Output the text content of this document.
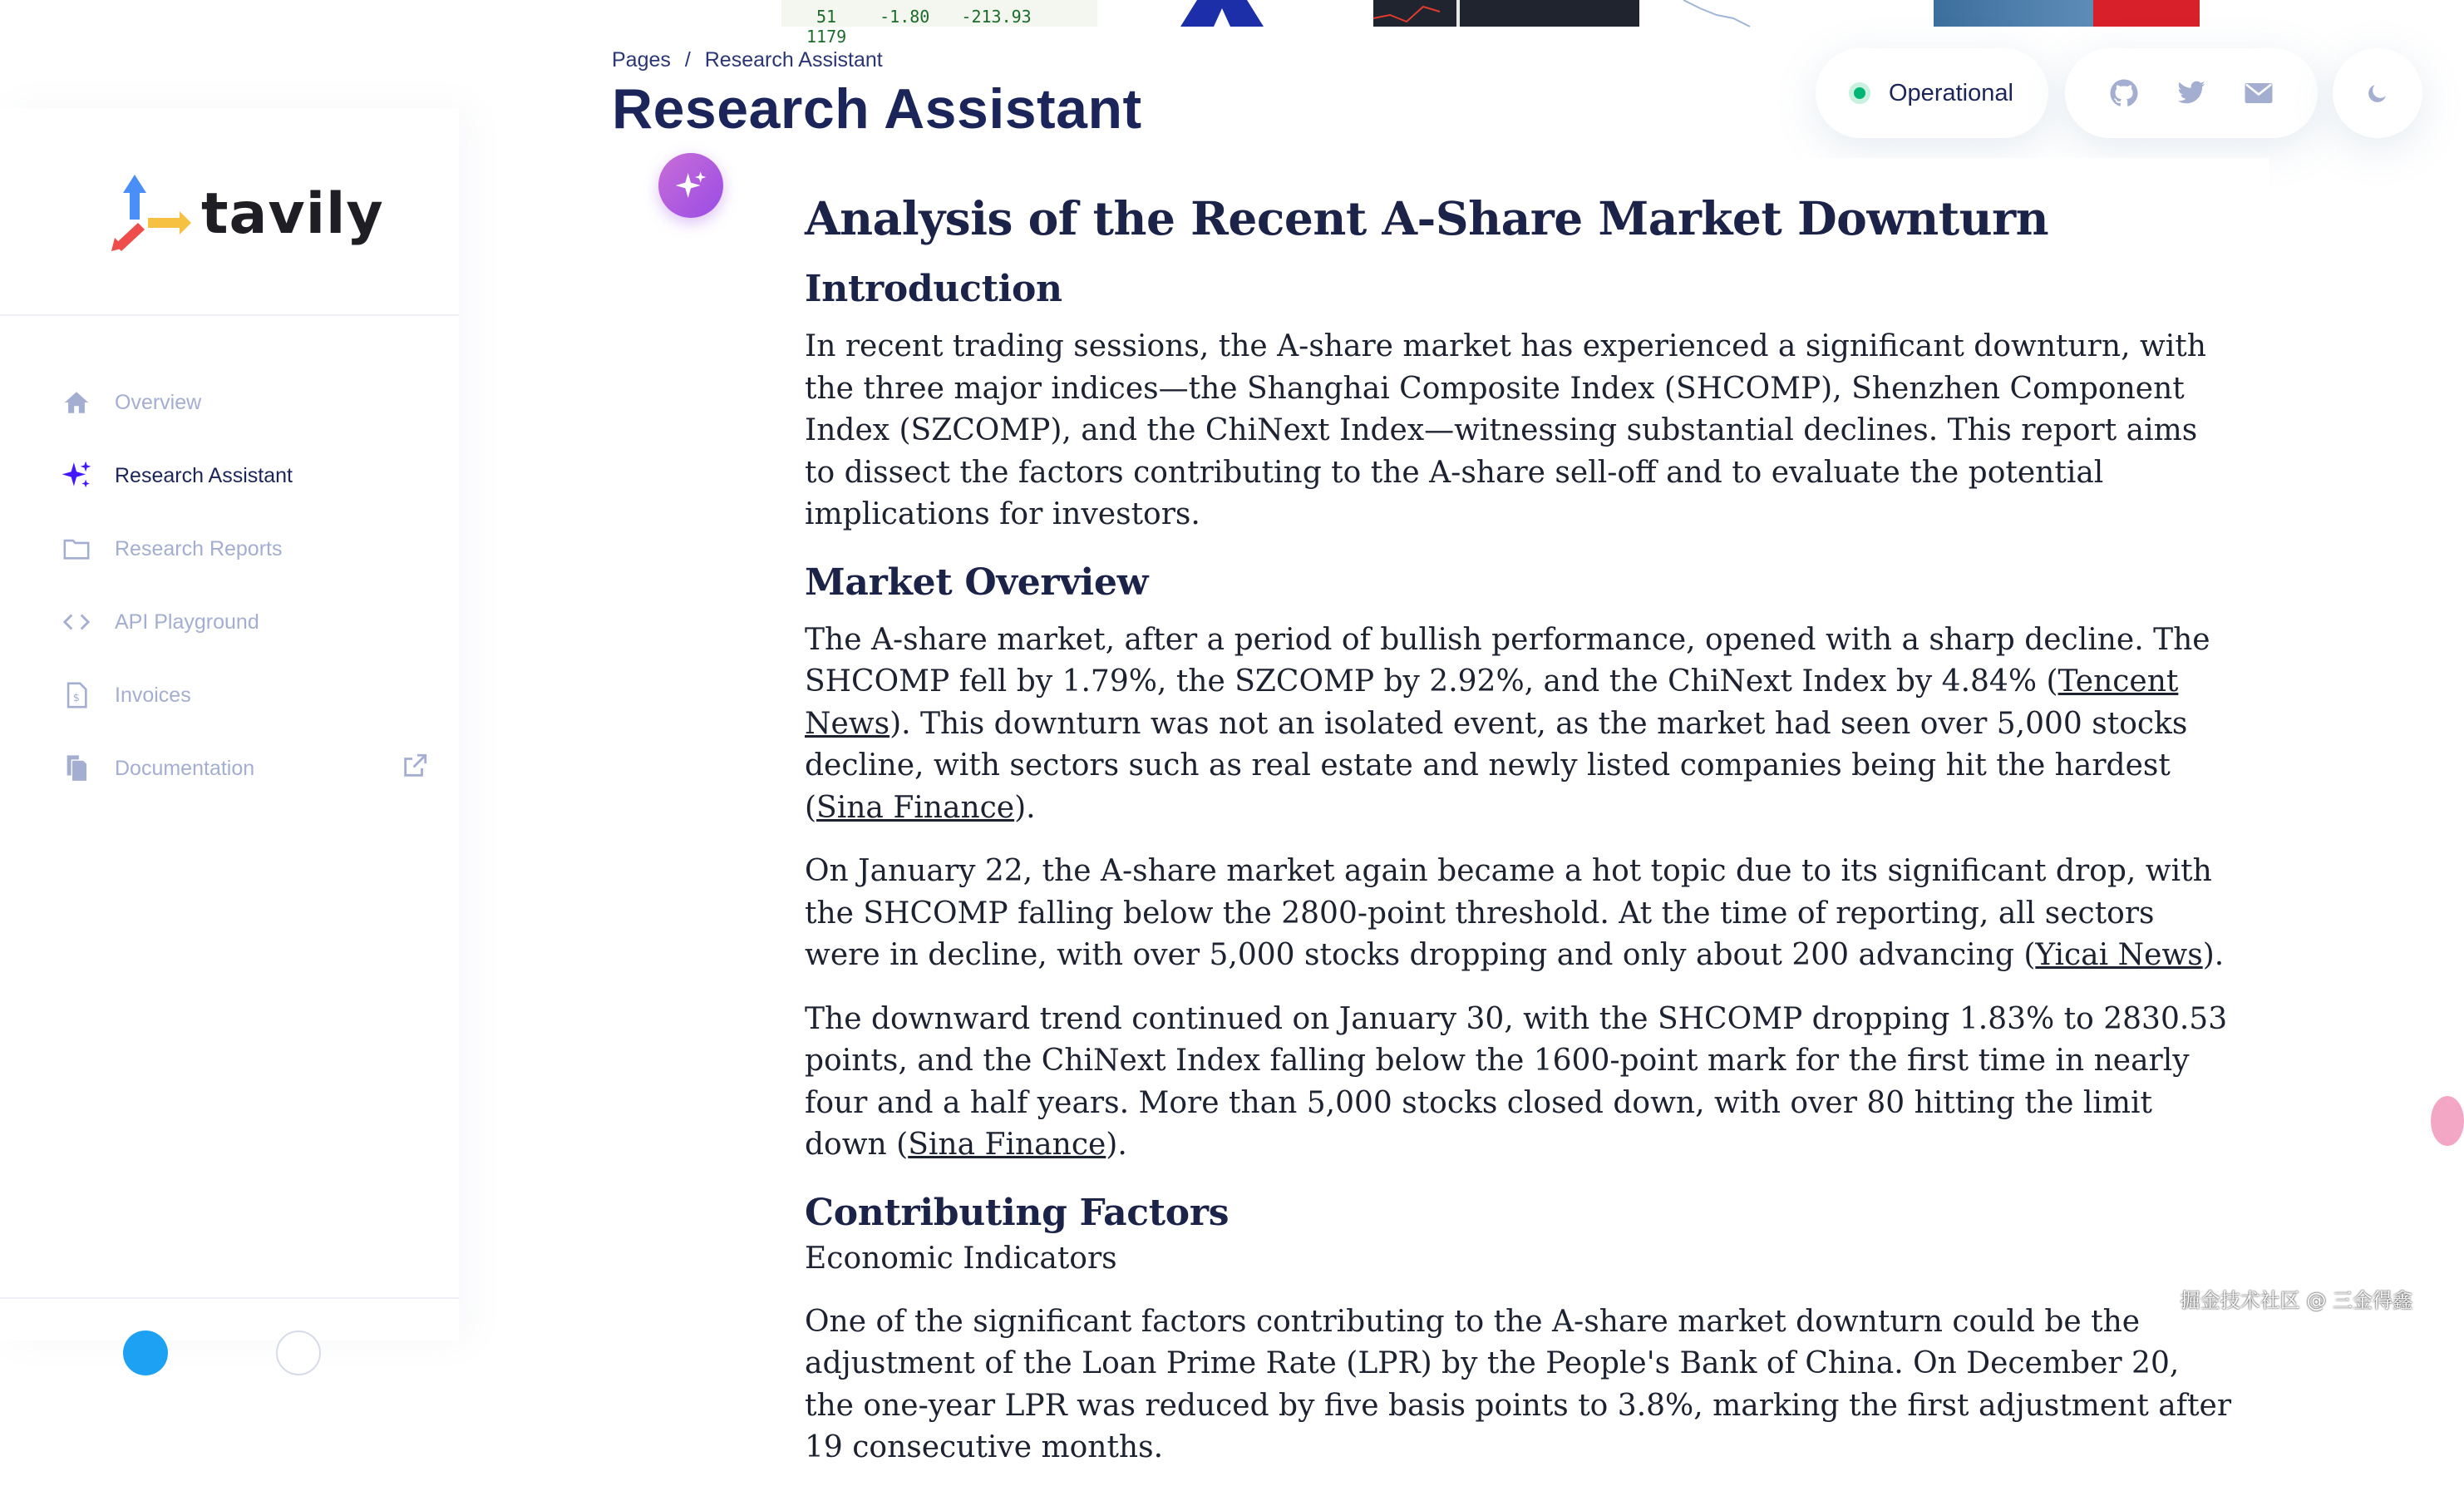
51	-1.80 -213.93 1179
tavily
Overview
Research Assistant
Research Reports
API Playground
$ Invoices
Documentation
Pages / Research Assistant
Research Assistant	Operational
Analysis of the Recent A-Share Market Downturn
Introduction

In recent trading sessions, the A-share market has experienced a significant downturn, with the three major indices—the Shanghai Composite Index (SHCOMP), Shenzhen Component Index (SZCOMP), and the ChiNext Index—witnessing substantial declines. This report aims to dissect the factors contributing to the A-share sell-off and to evaluate the potential implications for investors.

Market Overview

The A-share market, after a period of bullish performance, opened with a sharp decline. The SHCOMP fell by 1.79%, the SZCOMP by 2.92%, and the ChiNext Index by 4.84% (Tencent News). This downturn was not an isolated event, as the market had seen over 5,000 stocks decline, with sectors such as real estate and newly listed companies being hit the hardest (Sina Finance).

On January 22, the A-share market again became a hot topic due to its significant drop, with the SHCOMP falling below the 2800-point threshold. At the time of reporting, all sectors were in decline, with over 5,000 stocks dropping and only about 200 advancing (Yicai News).

The downward trend continued on January 30, with the SHCOMP dropping 1.83% to 2830.53 points, and the ChiNext Index falling below the 1600-point mark for the first time in nearly four and a half years. More than 5,000 stocks closed down, with over 80 hitting the limit down (Sina Finance).

Contributing Factors
Economic Indicators

One of the significant factors contributing to the A-share market downturn could be the adjustment of the Loan Prime Rate (LPR) by the People's Bank of China. On December 20, the one-year LPR was reduced by five basis points to 3.8%, marking the first adjustment after 19 consecutive months.

掘金技术社区 @ 三金得鑫
